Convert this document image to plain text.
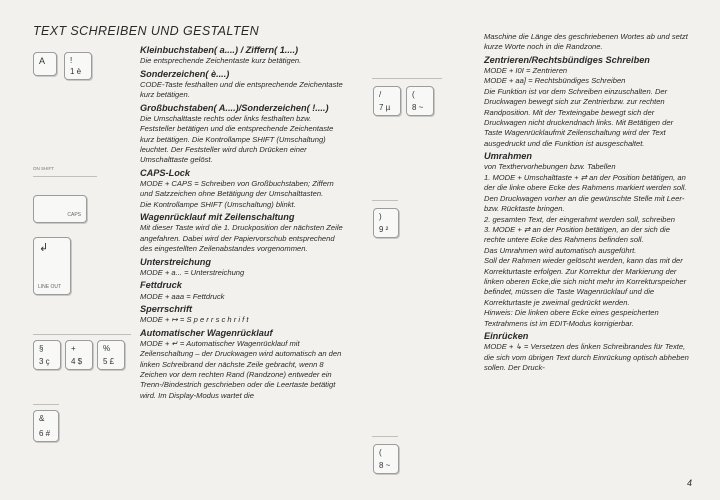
TEXT SCHREIBEN UND GESTALTEN
A	!
1 è
ON SHIFT
CAPS
↲
LINE OUT
§
3 ç
+
4 $
%
5 £
&
6 #
/
7 µ
(
8 ~
)
9 ²
(
8 ~
Kleinbuchstaben( a....) / Ziffern( 1....)

Die entsprechende Zeichentaste kurz betätigen.

Sonderzeichen( è....)

CODE-Taste festhalten und die entsprechende Zeichentaste kurz betätigen.

Großbuchstaben( A....)/Sonderzeichen( !....)

Die Umschalttaste rechts oder links festhalten bzw. Feststeller betätigen und die entsprechende Zeichentaste kurz betätigen. Die Kontrollampe SHIFT (Umschaltung) leuchtet. Der Feststeller wird durch Drücken einer Umschalttaste gelöst.

CAPS-Lock

MODE + CAPS = Schreiben von Großbuchstaben; Ziffern und Satzzeichen ohne Betätigung der Umschalttasten.

Die Kontrollampe SHIFT (Umschaltung) blinkt.

Wagenrücklauf mit Zeilenschaltung

Mit dieser Taste wird die 1. Druckposition der nächsten Zeile angefahren. Dabei wird der Papiervorschub entsprechend des eingestellten Zeilenabstandes vorgenommen.

Unterstreichung

MODE + a... = Unterstreichung

Fettdruck

MODE + aaa = Fettdruck

Sperrschrift

MODE + ↦ = S p e r r s c h r i f t

Automatischer Wagenrücklauf

MODE + ↵ = Automatischer Wagenrücklauf mit Zeilenschaltung – der Druckwagen wird automatisch an den linken Schreibrand der nächste Zeile gebracht, wenn 8 Zeichen vor dem rechten Rand (Randzone) entweder ein Trenn-/Bindestrich geschrieben oder die Leertaste betätigt wird. Im Display-Modus wartet die

Maschine die Länge des geschriebenen Wortes ab und setzt kurze Worte noch in die Randzone.

Zentrieren/Rechtsbündiges Schreiben

MODE + I0I = Zentrieren

MODE + aa] = Rechtsbündiges Schreiben

Die Funktion ist vor dem Schreiben einzuschalten. Der Druckwagen bewegt sich zur Zentrierbzw. zur rechten Randposition. Mit der Texteingabe bewegt sich der Druckwagen nicht druckendnach links. Mit Betätigen der Taste Wagenrücklaufmit Zeilenschaltung wird der Text ausgedruckt und die Funktion ist ausgeschaltet.

Umrahmen

von Texthervorhebungen bzw. Tabellen

1. MODE + Umschalttaste + ⇄ an der Position betätigen, an der die linke obere Ecke des Rahmens markiert werden soll. Den Druckwagen vorher an die gewünschte Stelle mit Leer- bzw. Rücktaste bringen.

2. gesamten Text, der eingerahmt werden soll, schreiben

3. MODE + ⇄ an der Position betätigen, an der sich die rechte untere Ecke des Rahmens befinden soll.

Das Umrahmen wird automatisch ausgeführt.

Soll der Rahmen wieder gelöscht werden, kann das mit der Korrekturtaste erfolgen. Zur Korrektur der Markierung der linken oberen Ecke,die sich nicht mehr im Korrekturspeicher befindet, müssen die Taste Wagenrücklauf und die Korrekturtaste je zweimal gedrückt werden.

Hinweis: Die linken obere Ecke eines gespeicherten Textrahmens ist im EDIT-Modus korrigierbar.

Einrücken

MODE + ↳ = Versetzen des linken Schreibrandes für Texte, die sich vom übrigen Text durch Einrückung optisch abheben sollen. Der Druck-

4
